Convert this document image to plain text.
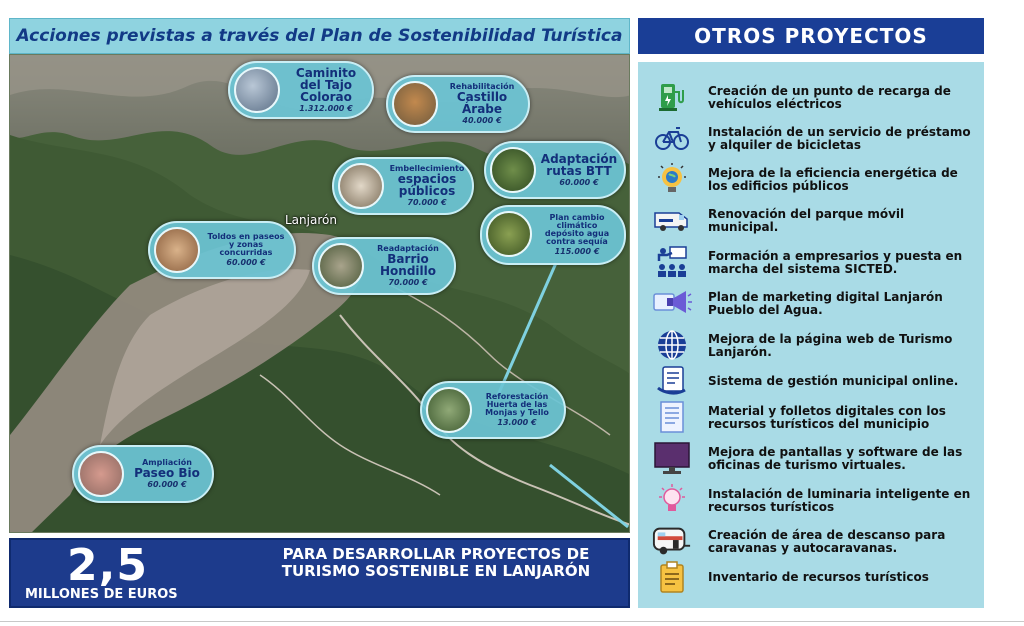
Acciones previstas a través del Plan de Sostenibilidad Turística
Lanjarón
Caminito del Tajo Colorao
1.312.000 €
Rehabilitación
Castillo Árabe
40.000 €
Adaptación rutas BTT
60.000 €
Embellecimiento
espacios públicos
70.000 €
Plan cambio climático depósito agua contra sequía
115.000 €
Toldos en paseos y zonas concurridas
60.000 €
Readaptación
Barrio Hondillo
70.000 €
Reforestación Huerta de las Monjas y Tello
13.000 €
Ampliación
Paseo Bio
60.000 €
2,5
MILLONES DE EUROS
PARA DESARROLLAR PROYECTOS DE TURISMO SOSTENIBLE EN LANJARÓN
OTROS PROYECTOS
Creación de un punto de recarga de vehículos eléctricos
Instalación de un servicio de préstamo y alquiler de bicicletas
Mejora de la eficiencia energética de los edificios públicos
Renovación del parque móvil municipal.
Formación a empresarios y puesta en marcha del sistema SICTED.
Plan de marketing digital Lanjarón Pueblo del Agua.
Mejora de la página web de Turismo Lanjarón.
Sistema de gestión municipal online.
Material y folletos digitales con los recursos turísticos del municipio
Mejora de pantallas y software de las oficinas de turismo virtuales.
Instalación de luminaria inteligente en recursos turísticos
Creación de área de descanso para caravanas y autocaravanas.
Inventario de recursos turísticos
